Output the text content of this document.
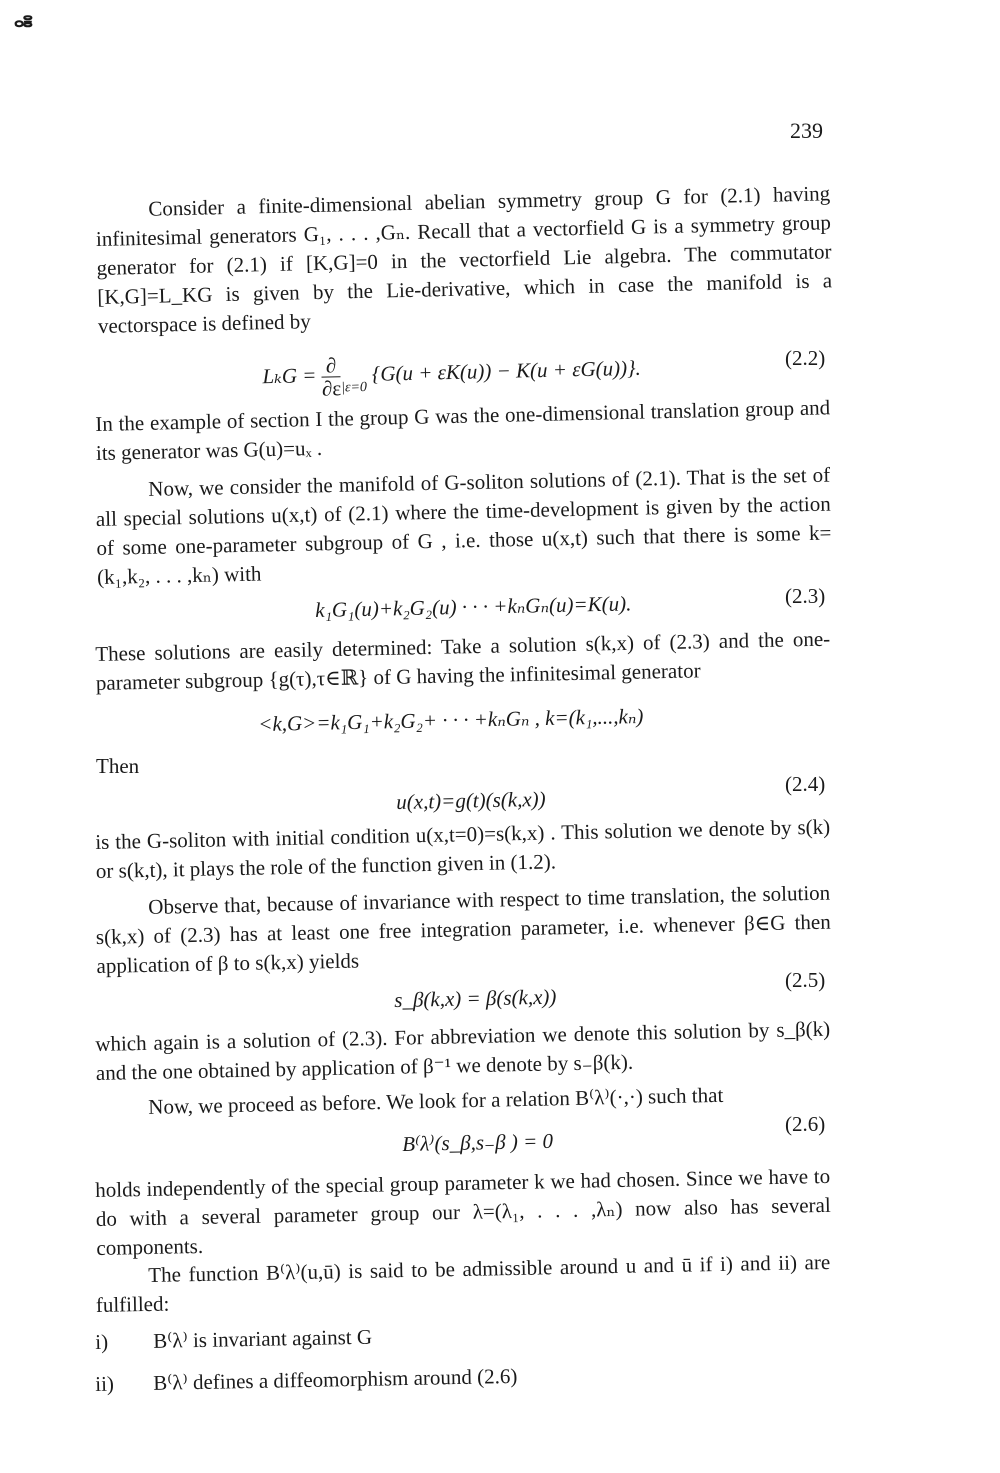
ⴰⴻ
239

Consider a finite-dimensional abelian symmetry group G for (2.1) having infinitesimal generators G₁, . . . ,Gₙ. Recall that a vectorfield G is a symmetry group generator for (2.1) if [K,G]=0 in the vectorfield Lie algebra. The commutator [K,G]=L_KG is given by the Lie-derivative, which in case the manifold is a vectorspace is defined by

$L_kG = \frac{\partial}{\partial\varepsilon} _{|\varepsilon=0}$ {G(u + εK(u)) − K(u + εG(u))}.	(2.2)

In the example of section I the group G was the one-dimensional translation group and its generator was G(u)=uₓ .

Now, we consider the manifold of G-soliton solutions of (2.1). That is the set of all special solutions u(x,t) of (2.1) where the time-development is given by the action of some one-parameter subgroup of G , i.e. those u(x,t) such that there is some k=(k₁,k₂, . . . ,kₙ) with

k₁G₁(u)+k₂G₂(u) · · · +kₙGₙ(u)=K(u).	(2.3)

These solutions are easily determined: Take a solution s(k,x) of (2.3) and the one-parameter subgroup {g(τ),τ∈ℝ} of G having the infinitesimal generator

<k,G>=k₁G₁+k₂G₂+ · · · +kₙGₙ , k=(k₁,...,kₙ)
Then
u(x,t)=g(t)(s(k,x))
(2.4)

is the G-soliton with initial condition u(x,t=0)=s(k,x) . This solution we denote by s(k) or s(k,t), it plays the role of the function given in (1.2).

Observe that, because of invariance with respect to time translation, the solution s(k,x) of (2.3) has at least one free integration parameter, i.e. whenever β∈G then application of β to s(k,x) yields

s_β(k,x) = β(s(k,x))
(2.5)

which again is a solution of (2.3). For abbreviation we denote this solution by s_β(k) and the one obtained by application of β⁻¹ we denote by s₋β(k).

Now, we proceed as before. We look for a relation B⁽λ⁾(·,·) such that

B⁽λ⁾(s_β,s₋β ) = 0
(2.6)

holds independently of the special group parameter k we had chosen. Since we have to do with a several parameter group our λ=(λ₁, . . . ,λₙ) now also has several components.

The function B⁽λ⁾(u,ū) is said to be admissible around u and ū if i) and ii) are fulfilled:

i) B⁽λ⁾ is invariant against G
ii) B⁽λ⁾ defines a diffeomorphism around (2.6)
